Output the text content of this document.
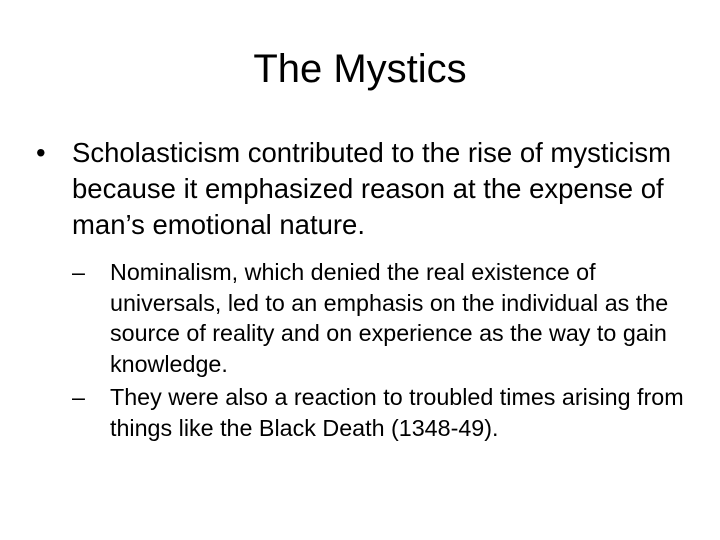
The Mystics

• Scholasticism contributed to the rise of mysticism because it emphasized reason at the expense of man’s emotional nature.

– Nominalism, which denied the real existence of universals, led to an emphasis on the individual as the source of reality and on experience as the way to gain knowledge.

– They were also a reaction to troubled times arising from things like the Black Death (1348-49).
